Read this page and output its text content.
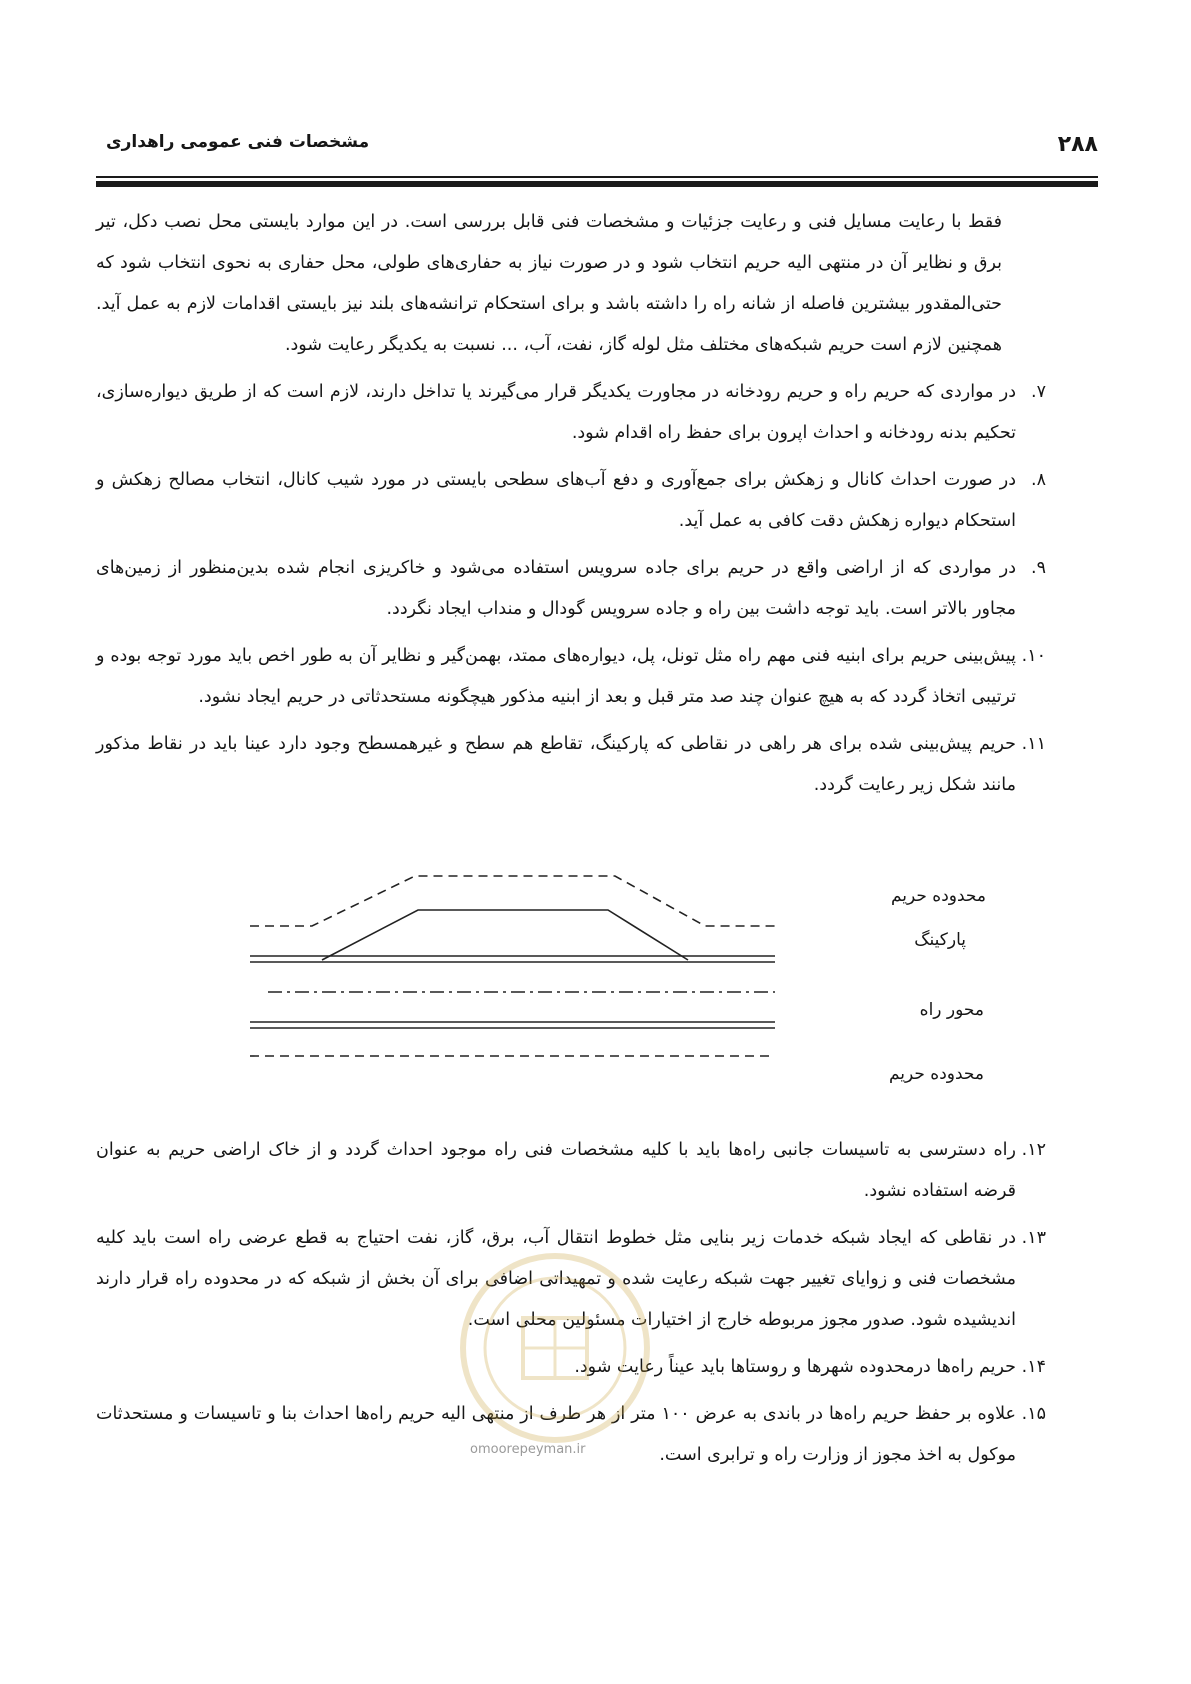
مشخصات فنی عمومی راهداری	۲۸۸

فقط با رعایت مسایل فنی و رعایت جزئیات و مشخصات فنی قابل بررسی است. در این موارد بایستی محل نصب دکل، تیر برق و نظایر آن در منتهی الیه حریم انتخاب شود و در صورت نیاز به حفاری‌های طولی، محل حفاری به نحوی انتخاب شود که حتی‌المقدور بیشترین فاصله از شانه راه را داشته باشد و برای استحکام ترانشه‌های بلند نیز بایستی اقدامات لازم به عمل آید. همچنین لازم است حریم شبکه‌های مختلف مثل لوله گاز، نفت، آب، ... نسبت به یکدیگر رعایت شود.

۷.
در مواردی که حریم راه و حریم رودخانه در مجاورت یکدیگر قرار می‌گیرند یا تداخل دارند، لازم است که از طریق دیواره‌سازی، تحکیم بدنه رودخانه و احداث اپرون برای حفظ راه اقدام شود.
۸.
در صورت احداث کانال و زهکش برای جمع‌آوری و دفع آب‌های سطحی بایستی در مورد شیب کانال، انتخاب مصالح زهکش و استحکام دیواره زهکش دقت کافی به عمل آید.
۹.
در مواردی که از اراضی واقع در حریم برای جاده سرویس استفاده می‌شود و خاکریزی انجام شده بدین‌منظور از زمین‌های مجاور بالاتر است. باید توجه داشت بین راه و جاده سرویس گودال و منداب ایجاد نگردد.
۱۰.
پیش‌بینی حریم برای ابنیه فنی مهم راه مثل تونل، پل، دیواره‌های ممتد، بهمن‌گیر و نظایر آن به طور اخص باید مورد توجه بوده و ترتیبی اتخاذ گردد که به هیچ عنوان چند صد متر قبل و بعد از ابنیه مذکور هیچگونه مستحدثاتی در حریم ایجاد نشود.
۱۱.
حریم پیش‌بینی شده برای هر راهی در نقاطی که پارکینگ، تقاطع هم سطح و غیرهمسطح وجود دارد عینا باید در نقاط مذکور مانند شکل زیر رعایت گردد.
محدوده حریم
پارکینگ
محور راه
محدوده حریم
۱۲.
راه دسترسی به تاسیسات جانبی راه‌ها باید با کلیه مشخصات فنی راه موجود احداث گردد و از خاک اراضی حریم به عنوان قرضه استفاده نشود.
۱۳.
در نقاطی که ایجاد شبکه خدمات زیر بنایی مثل خطوط انتقال آب، برق، گاز، نفت احتیاج به قطع عرضی راه است باید کلیه مشخصات فنی و زوایای تغییر جهت شبکه رعایت شده و تمهیداتی اضافی برای آن بخش از شبکه که در محدوده راه قرار دارند اندیشیده شود. صدور مجوز مربوطه خارج از اختیارات مسئولین محلی است.
۱۴.
حریم راه‌ها درمحدوده شهرها و روستاها باید عیناً رعایت شود.
۱۵.
علاوه بر حفظ حریم راه‌ها در باندی به عرض ۱۰۰ متر از هر طرف از منتهی الیه حریم راه‌ها احداث بنا و تاسیسات و مستحدثات موکول به اخذ مجوز از وزارت راه و ترابری است.
omoorepeyman.ir
